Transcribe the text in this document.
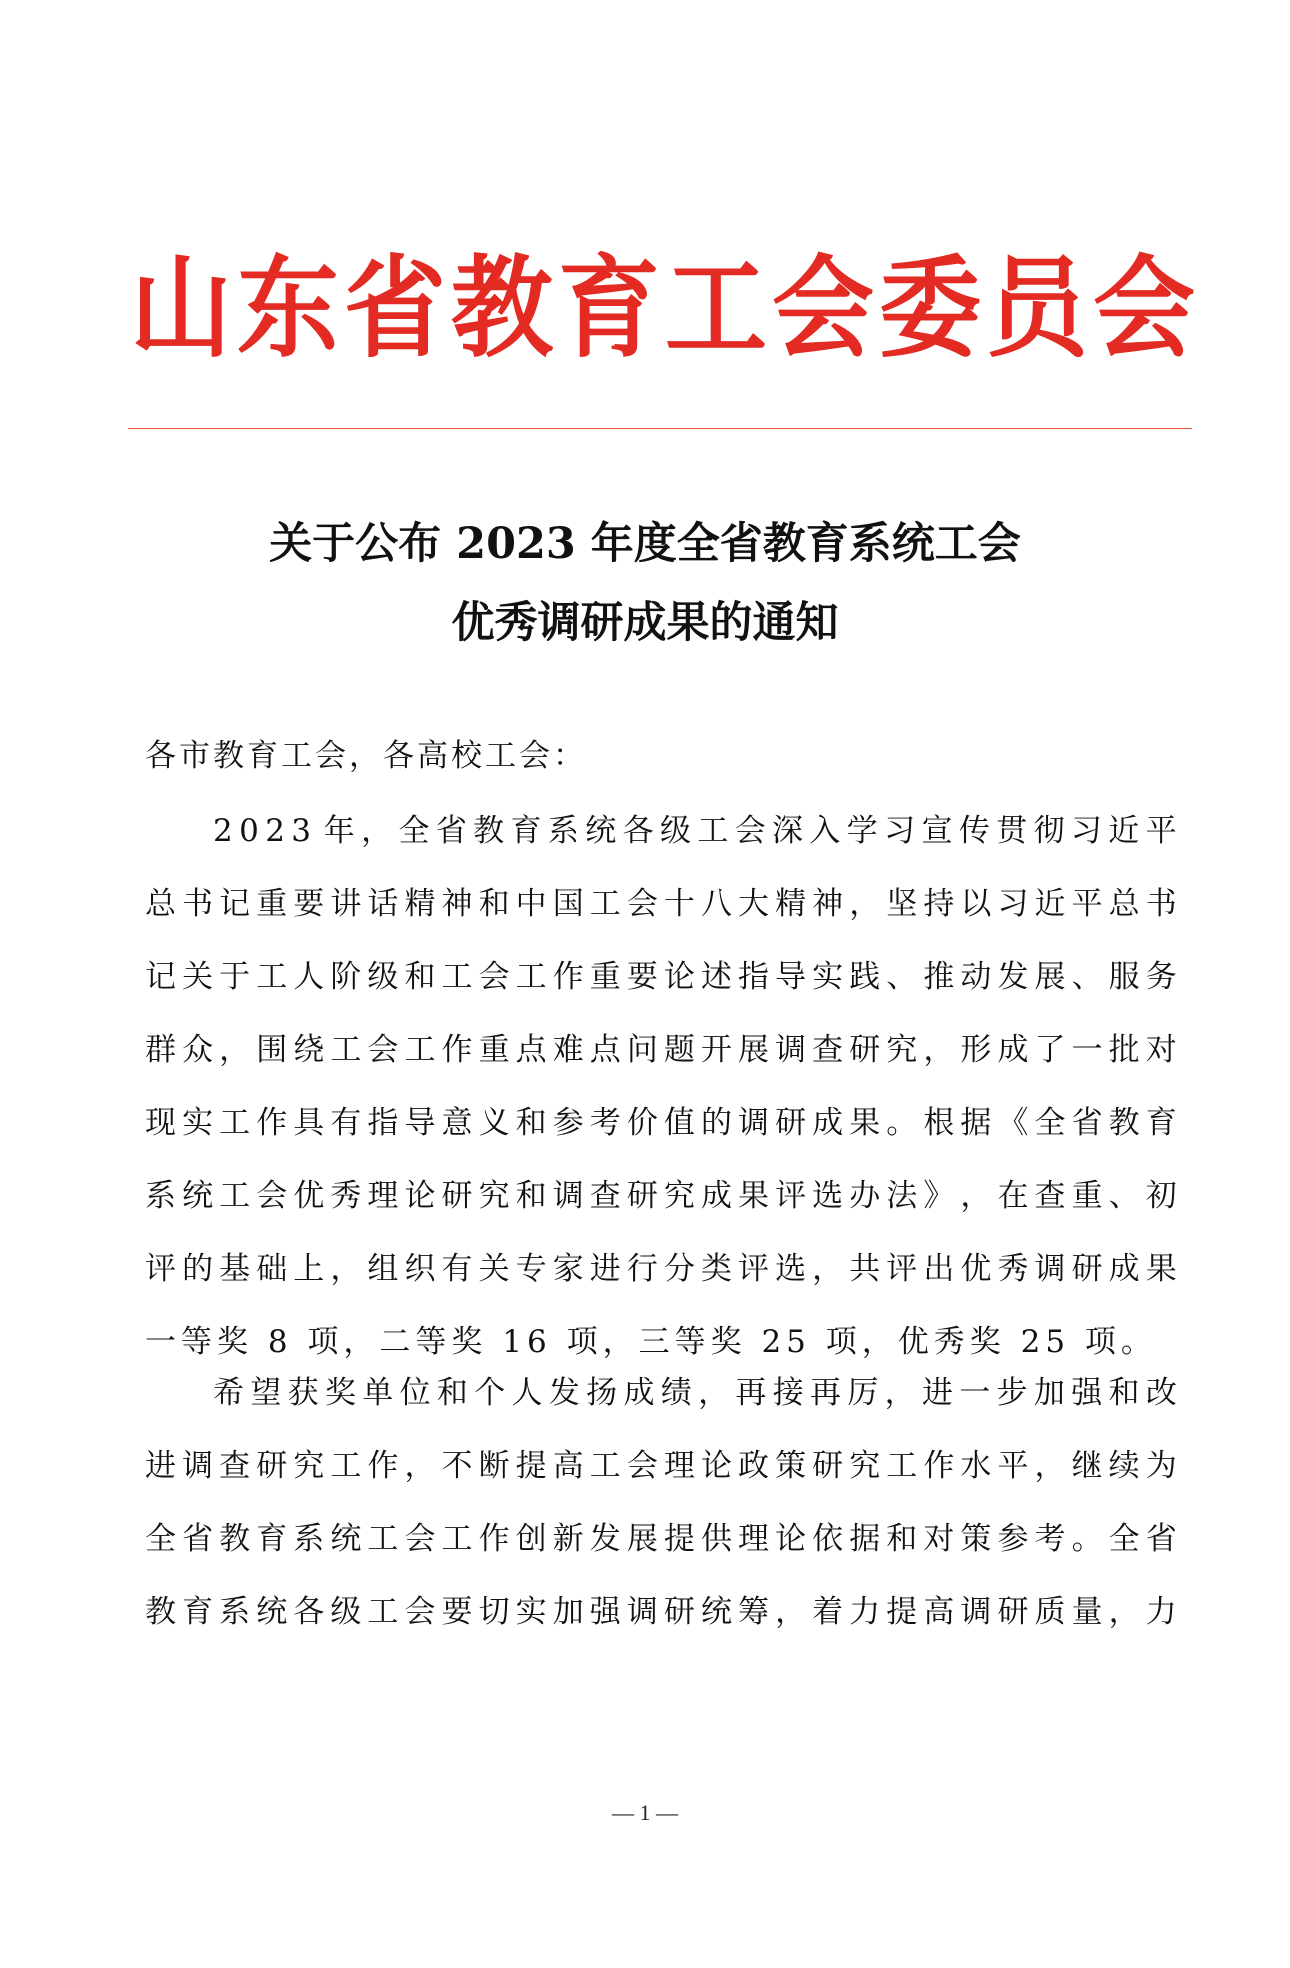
山东省教育工会委员会
关于公布 2023 年度全省教育系统工会
优秀调研成果的通知
各市教育工会，各高校工会：
2 0 2 3 年 ， 全 省 教 育 系 统 各 级 工 会 深 入 学 习 宣 传 贯 彻 习 近 平
总 书 记 重 要 讲 话 精 神 和 中 国 工 会 十 八 大 精 神 ， 坚 持 以 习 近 平 总 书
记 关 于 工 人 阶 级 和 工 会 工 作 重 要 论 述 指 导 实 践 、 推 动 发 展 、 服 务
群 众 ， 围 绕 工 会 工 作 重 点 难 点 问 题 开 展 调 查 研 究 ， 形 成 了 一 批 对
现 实 工 作 具 有 指 导 意 义 和 参 考 价 值 的 调 研 成 果 。 根 据 《 全 省 教 育
系 统 工 会 优 秀 理 论 研 究 和 调 查 研 究 成 果 评 选 办 法 》 ， 在 查 重 、 初
评 的 基 础 上 ， 组 织 有 关 专 家 进 行 分 类 评 选 ， 共 评 出 优 秀 调 研 成 果
一等奖 8 项，二等奖 16 项，三等奖 25 项，优秀奖 25 项。
希 望 获 奖 单 位 和 个 人 发 扬 成 绩 ， 再 接 再 厉 ， 进 一 步 加 强 和 改
进 调 查 研 究 工 作 ， 不 断 提 高 工 会 理 论 政 策 研 究 工 作 水 平 ， 继 续 为
全 省 教 育 系 统 工 会 工 作 创 新 发 展 提 供 理 论 依 据 和 对 策 参 考 。 全 省
教 育 系 统 各 级 工 会 要 切 实 加 强 调 研 统 筹 ， 着 力 提 高 调 研 质 量 ， 力
— 1 —
